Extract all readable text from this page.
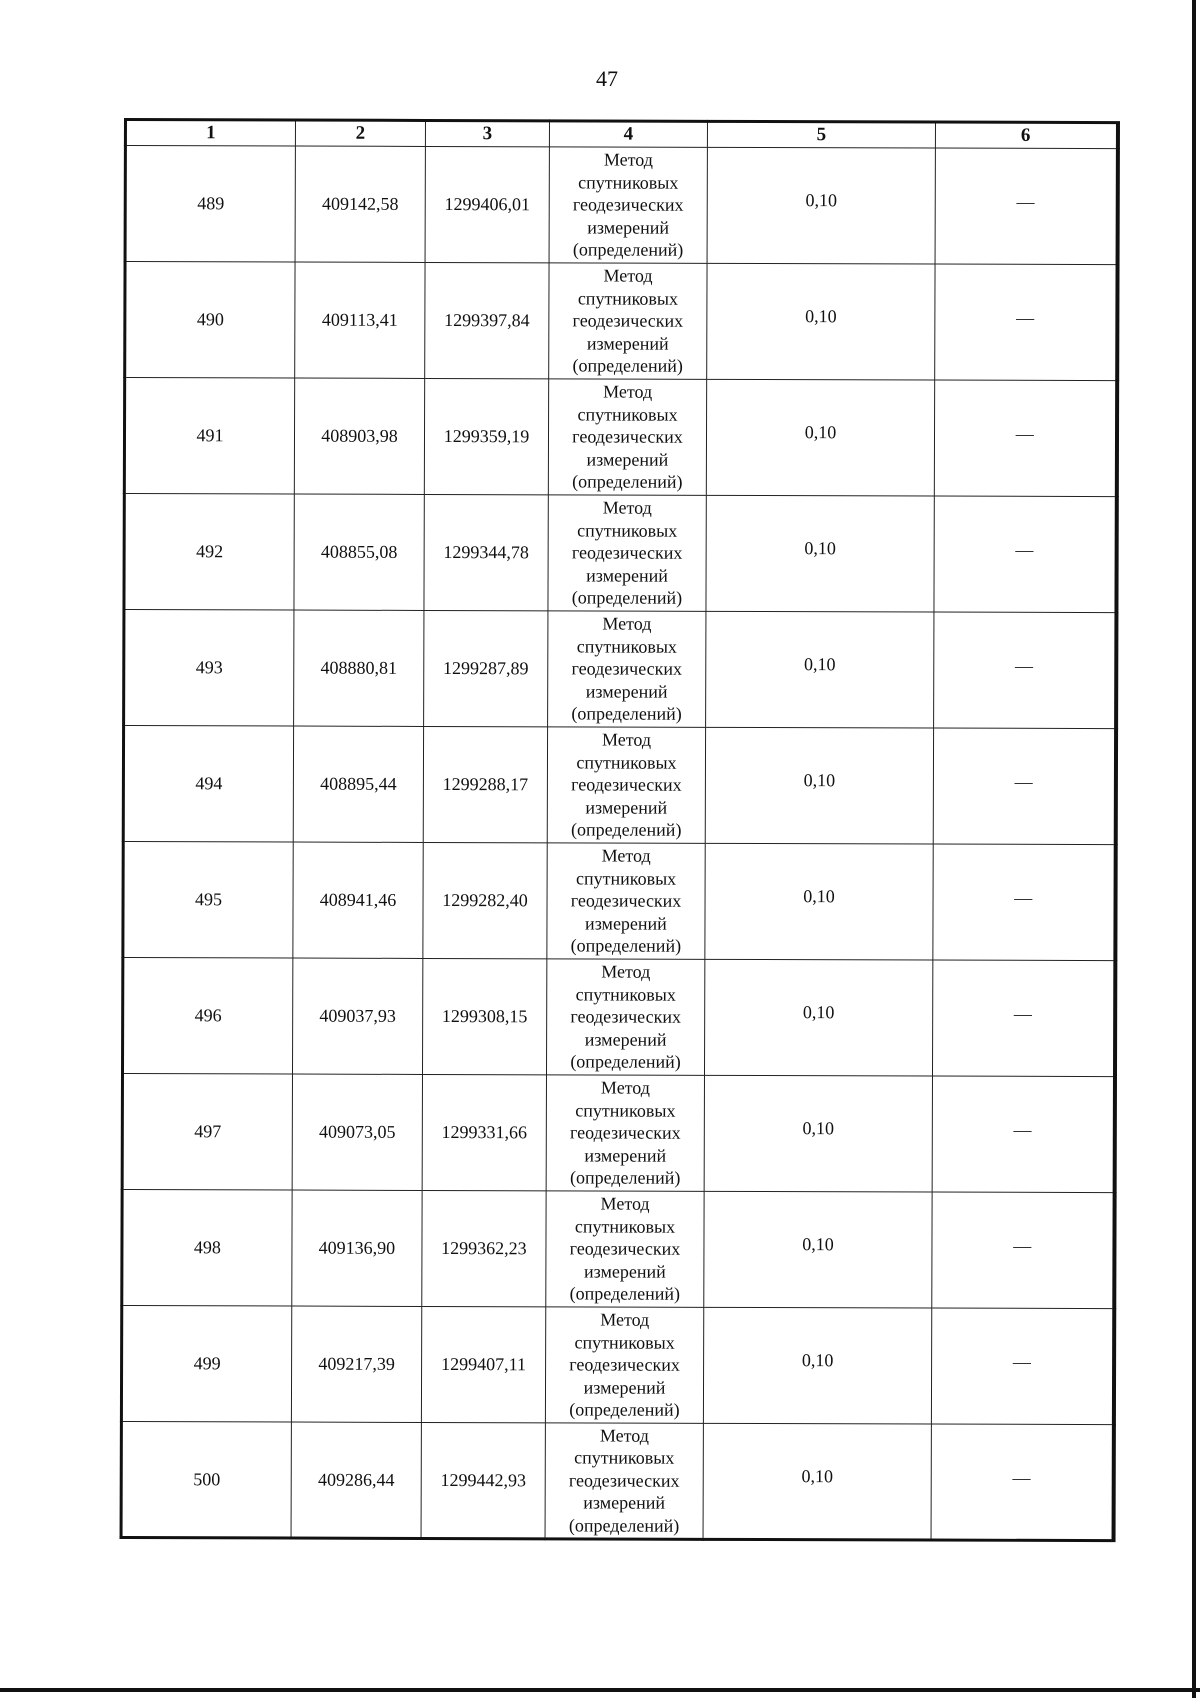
47
1	2	3	4	5	6
489	409142,58	1299406,01	Метод
спутниковых
геодезических
измерений
(определений)	0,10	—
490	409113,41	1299397,84	Метод
спутниковых
геодезических
измерений
(определений)	0,10	—
491	408903,98	1299359,19	Метод
спутниковых
геодезических
измерений
(определений)	0,10	—
492	408855,08	1299344,78	Метод
спутниковых
геодезических
измерений
(определений)	0,10	—
493	408880,81	1299287,89	Метод
спутниковых
геодезических
измерений
(определений)	0,10	—
494	408895,44	1299288,17	Метод
спутниковых
геодезических
измерений
(определений)	0,10	—
495	408941,46	1299282,40	Метод
спутниковых
геодезических
измерений
(определений)	0,10	—
496	409037,93	1299308,15	Метод
спутниковых
геодезических
измерений
(определений)	0,10	—
497	409073,05	1299331,66	Метод
спутниковых
геодезических
измерений
(определений)	0,10	—
498	409136,90	1299362,23	Метод
спутниковых
геодезических
измерений
(определений)	0,10	—
499	409217,39	1299407,11	Метод
спутниковых
геодезических
измерений
(определений)	0,10	—
500	409286,44	1299442,93	Метод
спутниковых
геодезических
измерений
(определений)	0,10	—
